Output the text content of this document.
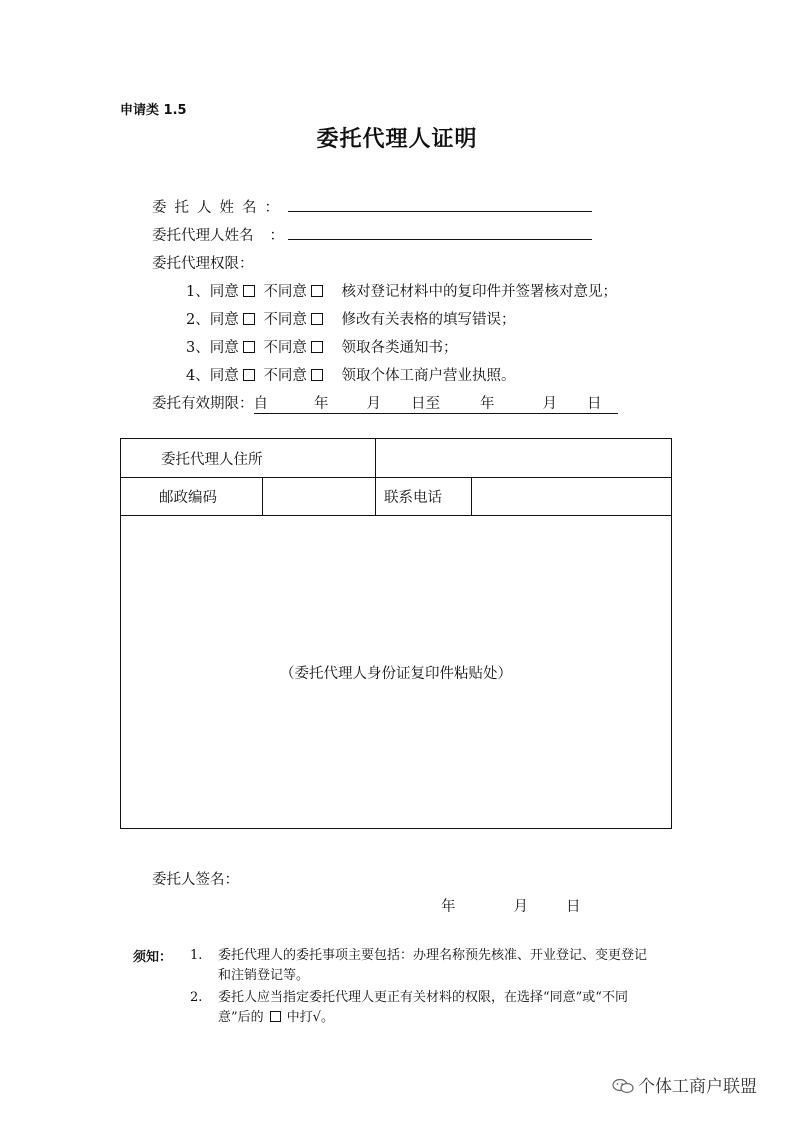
申请类 1.5
委托代理人证明
委托人姓名：
委托代理人姓名 ：
委托代理权限：
1、同意 不同意 核对登记材料中的复印件并签署核对意见；
2、同意 不同意 修改有关表格的填写错误；
3、同意 不同意 领取各类通知书；
4、同意 不同意 领取个体工商户营业执照。
委托有效期限：自	年	月 日至	年	月 日
委托代理人住所			
邮政编码		联系电话	
（委托代理人身份证复印件粘贴处）			
委托人签名：
年	月	日
须知： 1. 委托代理人的委托事项主要包括：办理名称预先核准、开业登记、变更登记
和注销登记等。
2. 委托人应当指定委托代理人更正有关材料的权限，在选择“同意”或“不同
意”后的 中打√。
个体工商户联盟
